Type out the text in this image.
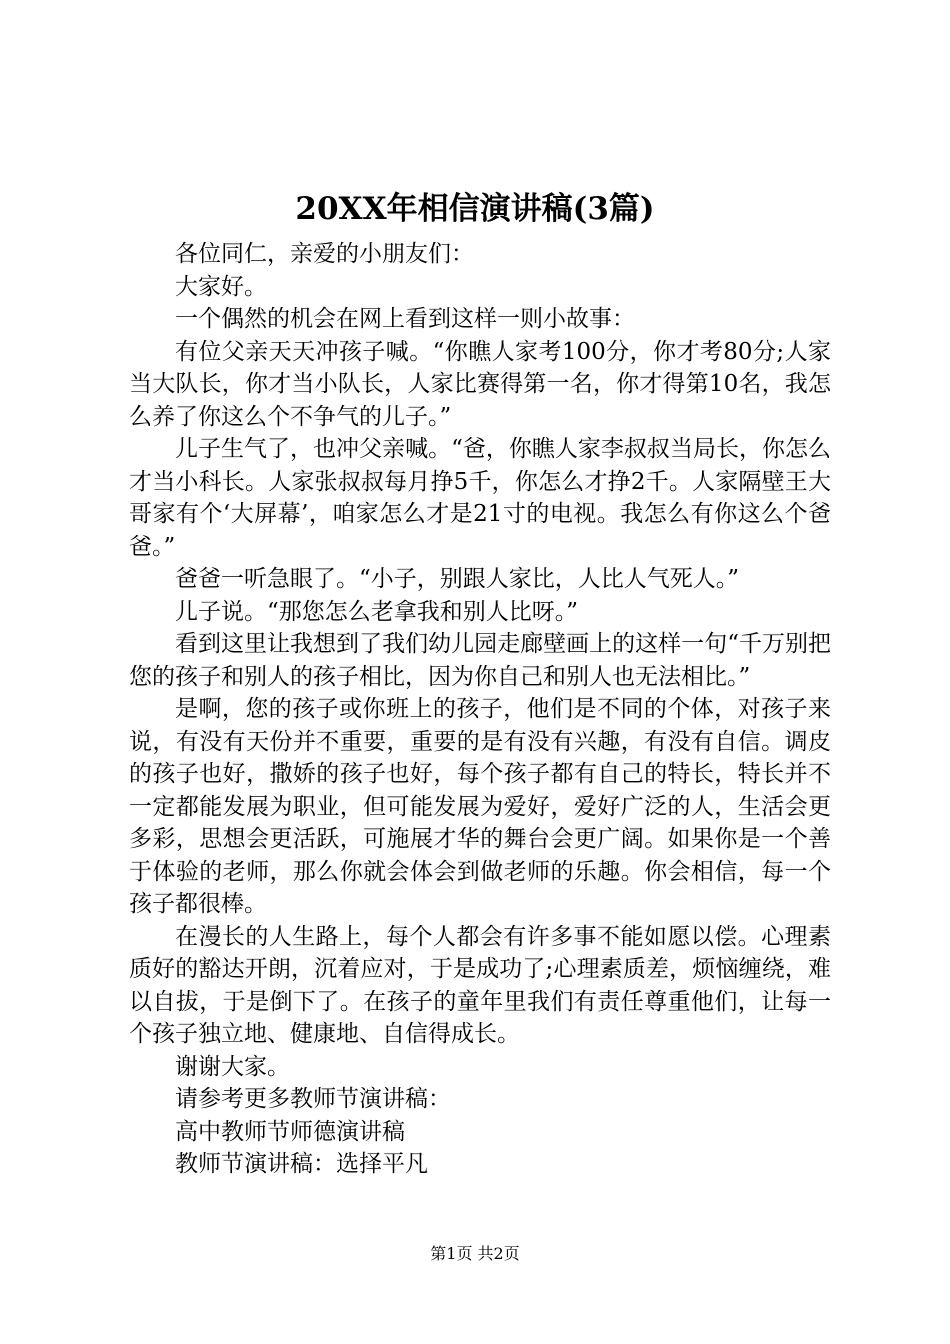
20XX年相信演讲稿(3篇)

各位同仁，亲爱的小朋友们：

大家好。

一个偶然的机会在网上看到这样一则小故事：

有位父亲天天冲孩子喊。“你瞧人家考100分，你才考80分;人家当大队长，你才当小队长，人家比赛得第一名，你才得第10名，我怎么养了你这么个不争气的儿子。”

儿子生气了，也冲父亲喊。“爸，你瞧人家李叔叔当局长，你怎么才当小科长。人家张叔叔每月挣5千，你怎么才挣2千。人家隔壁王大哥家有个‘大屏幕’，咱家怎么才是21寸的电视。我怎么有你这么个爸爸。”

爸爸一听急眼了。“小子，别跟人家比，人比人气死人。”

儿子说。“那您怎么老拿我和别人比呀。”

看到这里让我想到了我们幼儿园走廊壁画上的这样一句“千万别把您的孩子和别人的孩子相比，因为你自己和别人也无法相比。”

是啊，您的孩子或你班上的孩子，他们是不同的个体，对孩子来说，有没有天份并不重要，重要的是有没有兴趣，有没有自信。调皮的孩子也好，撒娇的孩子也好，每个孩子都有自己的特长，特长并不一定都能发展为职业，但可能发展为爱好，爱好广泛的人，生活会更多彩，思想会更活跃，可施展才华的舞台会更广阔。如果你是一个善于体验的老师，那么你就会体会到做老师的乐趣。你会相信，每一个孩子都很棒。

在漫长的人生路上，每个人都会有许多事不能如愿以偿。心理素质好的豁达开朗，沉着应对，于是成功了;心理素质差，烦恼缠绕，难以自拔，于是倒下了。在孩子的童年里我们有责任尊重他们，让每一个孩子独立地、健康地、自信得成长。

谢谢大家。

请参考更多教师节演讲稿：

高中教师节师德演讲稿

教师节演讲稿：选择平凡

第1页 共2页
